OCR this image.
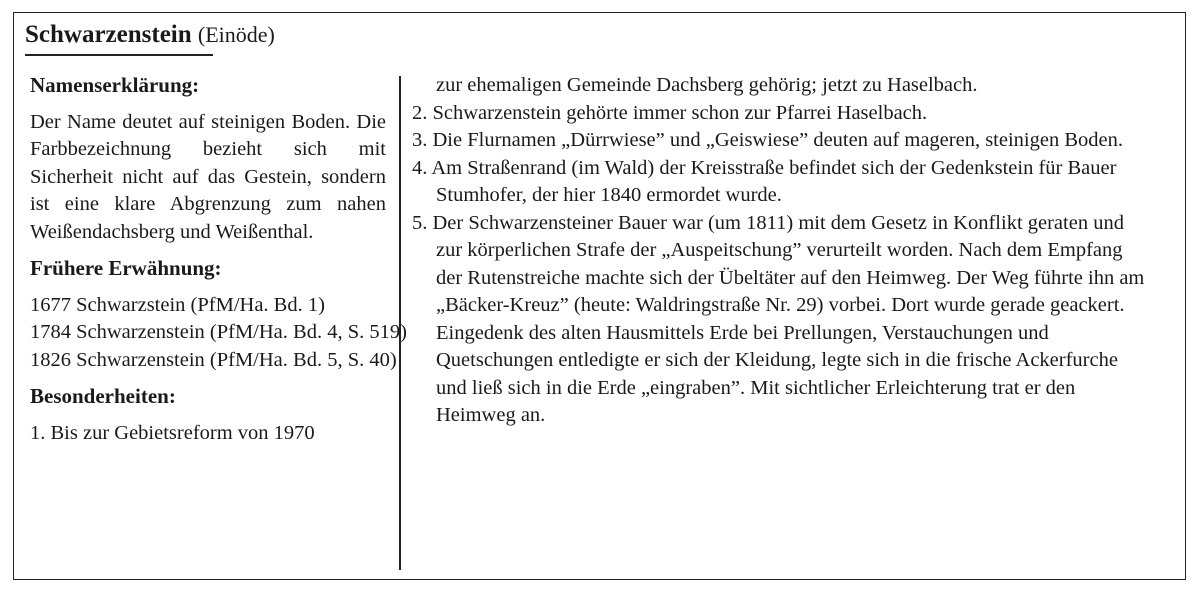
Schwarzenstein (Einöde)
Namenserklärung:
Der Name deutet auf steinigen Boden. Die Farbbezeichnung bezieht sich mit Sicherheit nicht auf das Gestein, sondern ist eine klare Abgrenzung zum nahen Weißendachsberg und Weißenthal.
Frühere Erwähnung:

1677 Schwarzstein (PfM/Ha. Bd. 1)

1784 Schwarzenstein (PfM/Ha. Bd. 4, S. 519)

1826 Schwarzenstein (PfM/Ha. Bd. 5, S. 40)

Besonderheiten:

1. Bis zur Gebietsreform von 1970

zur ehemaligen Gemeinde Dachsberg gehörig; jetzt zu Haselbach.

2. Schwarzenstein gehörte immer schon zur Pfarrei Haselbach.

3. Die Flurnamen „Dürrwiese” und „Geiswiese” deuten auf mageren, steinigen Boden.

4. Am Straßenrand (im Wald) der Kreisstraße befindet sich der Gedenkstein für Bauer Stumhofer, der hier 1840 ermordet wurde.

5. Der Schwarzensteiner Bauer war (um 1811) mit dem Gesetz in Konflikt geraten und zur körperlichen Strafe der „Auspeitschung” verurteilt worden. Nach dem Empfang der Rutenstreiche machte sich der Übeltäter auf den Heimweg. Der Weg führte ihn am „Bäcker-Kreuz” (heute: Waldringstraße Nr. 29) vorbei. Dort wurde gerade geackert. Eingedenk des alten Hausmittels Erde bei Prellungen, Verstauchungen und Quetschungen entledigte er sich der Kleidung, legte sich in die frische Ackerfurche und ließ sich in die Erde „eingraben”. Mit sichtlicher Erleichterung trat er den Heimweg an.
